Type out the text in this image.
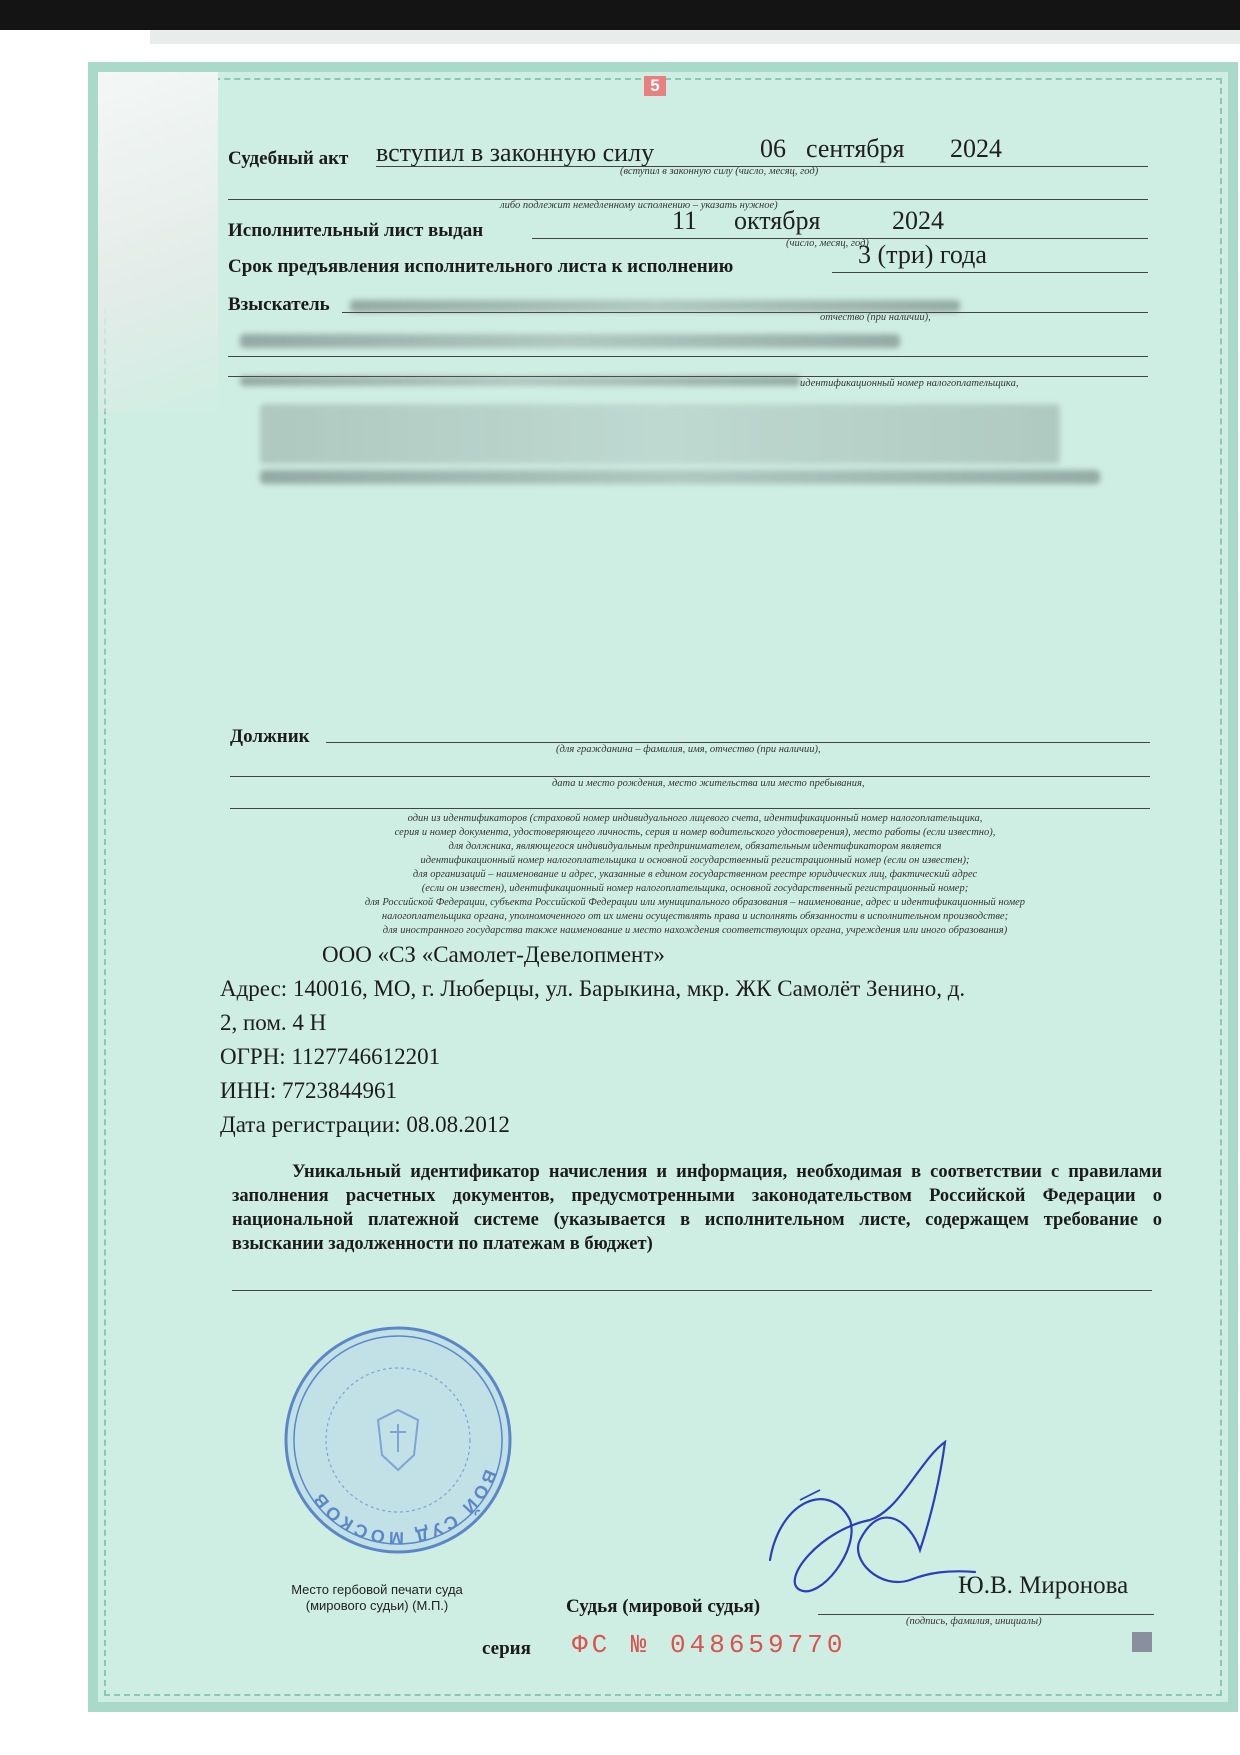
5
Судебный акт вступил в законную силу	06 сентября 2024
(вступил в законную силу (число, месяц, год)
либо подлежит немедленному исполнению – указать нужное)
Исполнительный лист выдан	11 октября	2024
(число, месяц, год)
Срок предъявления исполнительного листа к исполнению	3 (три) года
Взыскатель
отчество (при наличии),
идентификационный номер налогоплательщика,
Должник
(для гражданина – фамилия, имя, отчество (при наличии),
дата и место рождения, место жительства или место пребывания,
один из идентификаторов (страховой номер индивидуального лицевого счета, идентификационный номер налогоплательщика,
серия и номер документа, удостоверяющего личность, серия и номер водительского удостоверения), место работы (если известно),
для должника, являющегося индивидуальным предпринимателем, обязательным идентификатором является
идентификационный номер налогоплательщика и основной государственный регистрационный номер (если он известен);
для организаций – наименование и адрес, указанные в едином государственном реестре юридических лиц, фактический адрес
(если он известен), идентификационный номер налогоплательщика, основной государственный регистрационный номер;
для Российской Федерации, субъекта Российской Федерации или муниципального образования – наименование, адрес и идентификационный номер
налогоплательщика органа, уполномоченного от их имени осуществлять права и исполнять обязанности в исполнительном производстве;
для иностранного государства также наименование и место нахождения соответствующих органа, учреждения или иного образования)
ООО «СЗ «Самолет-Девелопмент»
Адрес: 140016, МО, г. Люберцы, ул. Барыкина, мкр. ЖК Самолёт Зенино, д.
2, пом. 4 Н
ОГРН: 1127746612201
ИНН: 7723844961
Дата регистрации: 08.08.2012
Уникальный идентификатор начисления и информация, необходимая в соответствии с правилами заполнения расчетных документов, предусмотренными законодательством Российской Федерации о национальной платежной системе (указывается в исполнительном листе, содержащем требование о взыскании задолженности по платежам в бюджет)
ВОЙ СУД МОСКОВ
Место гербовой печати суда
(мирового судьи) (М.П.)	Судья (мировой судья)
Ю.В. Миронова
(подпись, фамилия, инициалы)
серия ФС № 048659770
